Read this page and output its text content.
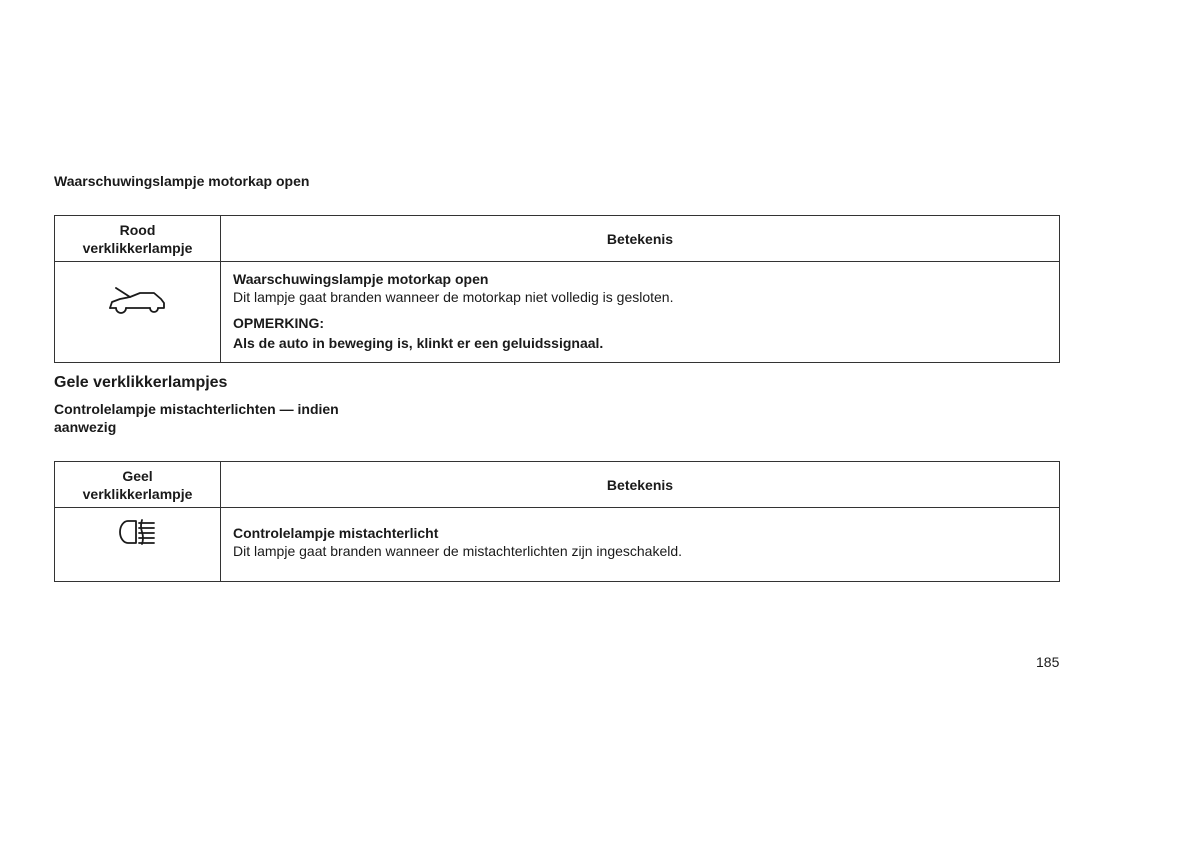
Waarschuwingslampje motorkap open
Rood
verklikkerlampje	Betekenis

Waarschuwingslampje motorkap open

Dit lampje gaat branden wanneer de motorkap niet volledig is gesloten.

OPMERKING:

Als de auto in beweging is, klinkt er een geluidssignaal.

Gele verklikkerlampjes
Controlelampje mistachterlichten — indien
aanwezig
Geel
verklikkerlampje	Betekenis

Controlelampje mistachterlicht

Dit lampje gaat branden wanneer de mistachterlichten zijn ingeschakeld.

185
